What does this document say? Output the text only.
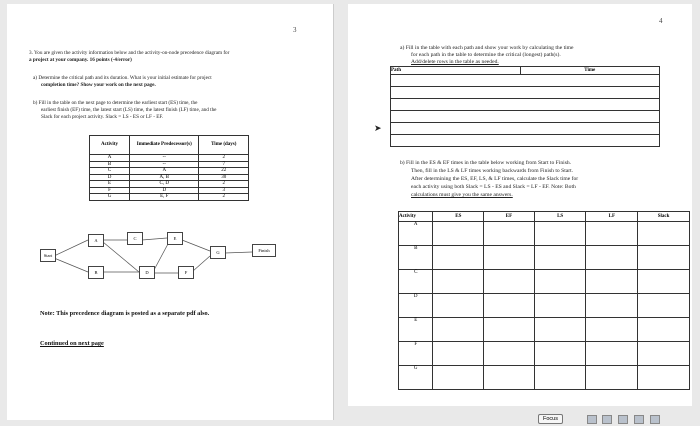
3
3. You are given the activity information below and the activity-on-node precedence diagram for
a project at your company. 16 points (-4/error)
a) Determine the critical path and its duration. What is your initial estimate for project
completion time? Show your work on the next page.
b) Fill in the table on the next page to determine the earliest start (ES) time, the
earliest finish (EF) time, the latest start (LS) time, the latest finish (LF) time, and the
Slack for each project activity. Slack = LS - ES or LF - EF.
Activity	Immediate Predecessor(s)	Time (days)
A	--	2
B	--	7
C	A	22
D	A, B	30
E	C, D	2
F	D	3
G	E, F	2
Start
A
B
C
D
E
F
G	Finish
Note: This precedence diagram is posted as a separate pdf also.
Continued on next page
4
a) Fill in the table with each path and show your work by calculating the time
for each path in the table to determine the critical (longest) path(s).
Add/delete rows in the table as needed.
Path	Time

b) Fill in the ES & EF times in the table below working from Start to Finish.
Then, fill in the LS & LF times working backwards from Finish to Start.
After determining the ES, EF, LS, & LF times, calculate the Slack time for
each activity using both Slack = LS - ES and Slack = LF - EF. Note: Both
calculations must give you the same answers.
Activity	ES	EF	LS	LF	Slack
A					
B					
C					
D					
E					
F					
G					
➤
Focus
